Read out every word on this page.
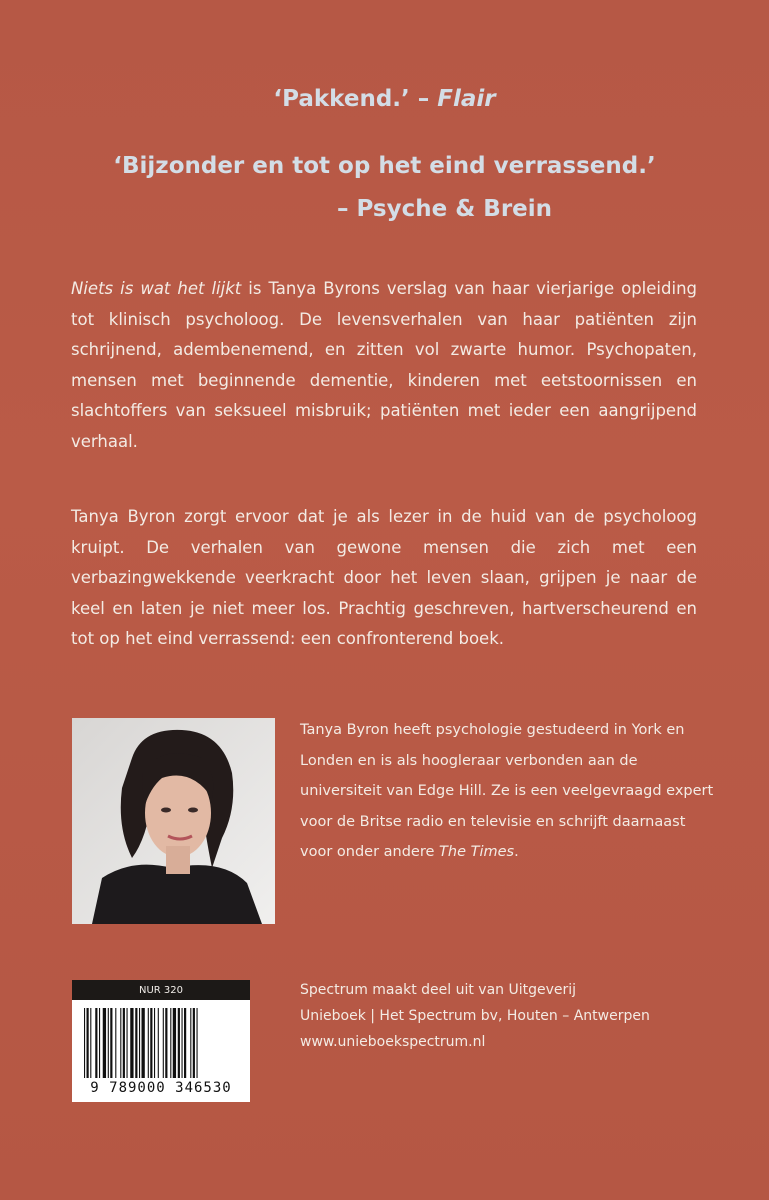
‘Pakkend.’ – Flair
‘Bijzonder en tot op het eind verrassend.’
– Psyche & Brein
Niets is wat het lijkt is Tanya Byrons verslag van haar vierjarige opleiding tot klinisch psycholoog. De levensverhalen van haar patiënten zijn schrijnend, adembenemend, en zitten vol zwarte humor. Psychopaten, mensen met beginnende dementie, kinderen met eetstoornissen en slachtoffers van seksueel misbruik; patiënten met ieder een aangrijpend verhaal.
Tanya Byron zorgt ervoor dat je als lezer in de huid van de psycholoog kruipt. De verhalen van gewone mensen die zich met een verbazingwekkende veerkracht door het leven slaan, grijpen je naar de keel en laten je niet meer los. Prachtig geschreven, hartverscheurend en tot op het eind verrassend: een confronterend boek.
Tanya Byron heeft psychologie gestudeerd in York en Londen en is als hoogleraar verbonden aan de universiteit van Edge Hill. Ze is een veelgevraagd expert voor de Britse radio en televisie en schrijft daarnaast voor onder andere The Times.
Spectrum maakt deel uit van Uitgeverij
Unieboek | Het Spectrum bv, Houten – Antwerpen
www.unieboekspectrum.nl
NUR 320
9 789000 346530
